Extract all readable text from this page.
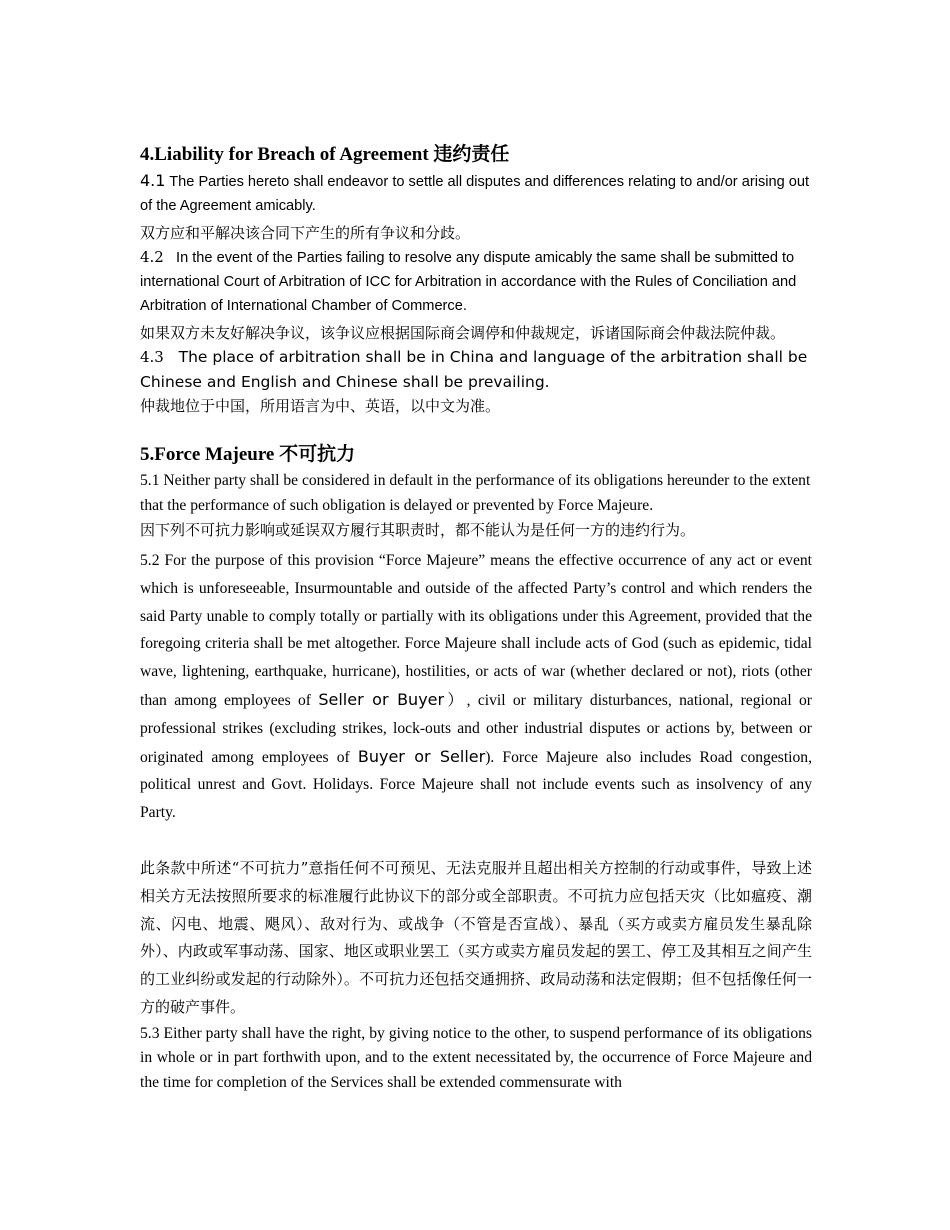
4.Liability for Breach of Agreement 违约责任

4.1 The Parties hereto shall endeavor to settle all disputes and differences relating to and/or arising out of the Agreement amicably.

双方应和平解决该合同下产生的所有争议和分歧。

4.2   In the event of the Parties failing to resolve any dispute amicably the same shall be submitted to international Court of Arbitration of ICC for Arbitration in accordance with the Rules of Conciliation and Arbitration of International Chamber of Commerce.

如果双方未友好解决争议，该争议应根据国际商会调停和仲裁规定，诉诸国际商会仲裁法院仲裁。

4.3   The place of arbitration shall be in China and language of the arbitration shall be Chinese and English and Chinese shall be prevailing.

仲裁地位于中国，所用语言为中、英语，以中文为准。

5.Force Majeure 不可抗力

5.1 Neither party shall be considered in default in the performance of its obligations hereunder to the extent that the performance of such obligation is delayed or prevented by Force Majeure.

因下列不可抗力影响或延误双方履行其职责时，都不能认为是任何一方的违约行为。

5.2 For the purpose of this provision “Force Majeure” means the effective occurrence of any act or event which is unforeseeable, Insurmountable and outside of the affected Party’s control and which renders the said Party unable to comply totally or partially with its obligations under this Agreement, provided that the foregoing criteria shall be met altogether. Force Majeure shall include acts of God (such as epidemic, tidal wave, lightening, earthquake, hurricane), hostilities, or acts of war (whether declared or not), riots (other than among employees of Seller or Buyer）, civil or military disturbances, national, regional or professional strikes (excluding strikes, lock-outs and other industrial disputes or actions by, between or originated among employees of Buyer or Seller). Force Majeure also includes Road congestion, political unrest and Govt. Holidays. Force Majeure shall not include events such as insolvency of any Party.

此条款中所述“不可抗力”意指任何不可预见、无法克服并且超出相关方控制的行动或事件，导致上述相关方无法按照所要求的标准履行此协议下的部分或全部职责。不可抗力应包括天灾（比如瘟疫、潮流、闪电、地震、飓风）、敌对行为、或战争（不管是否宣战）、暴乱（买方或卖方雇员发生暴乱除外）、内政或军事动荡、国家、地区或职业罢工（买方或卖方雇员发起的罢工、停工及其相互之间产生的工业纠纷或发起的行动除外）。不可抗力还包括交通拥挤、政局动荡和法定假期；但不包括像任何一方的破产事件。

5.3 Either party shall have the right, by giving notice to the other, to suspend performance of its obligations in whole or in part forthwith upon, and to the extent necessitated by, the occurrence of Force Majeure and the time for completion of the Services shall be extended commensurate with
